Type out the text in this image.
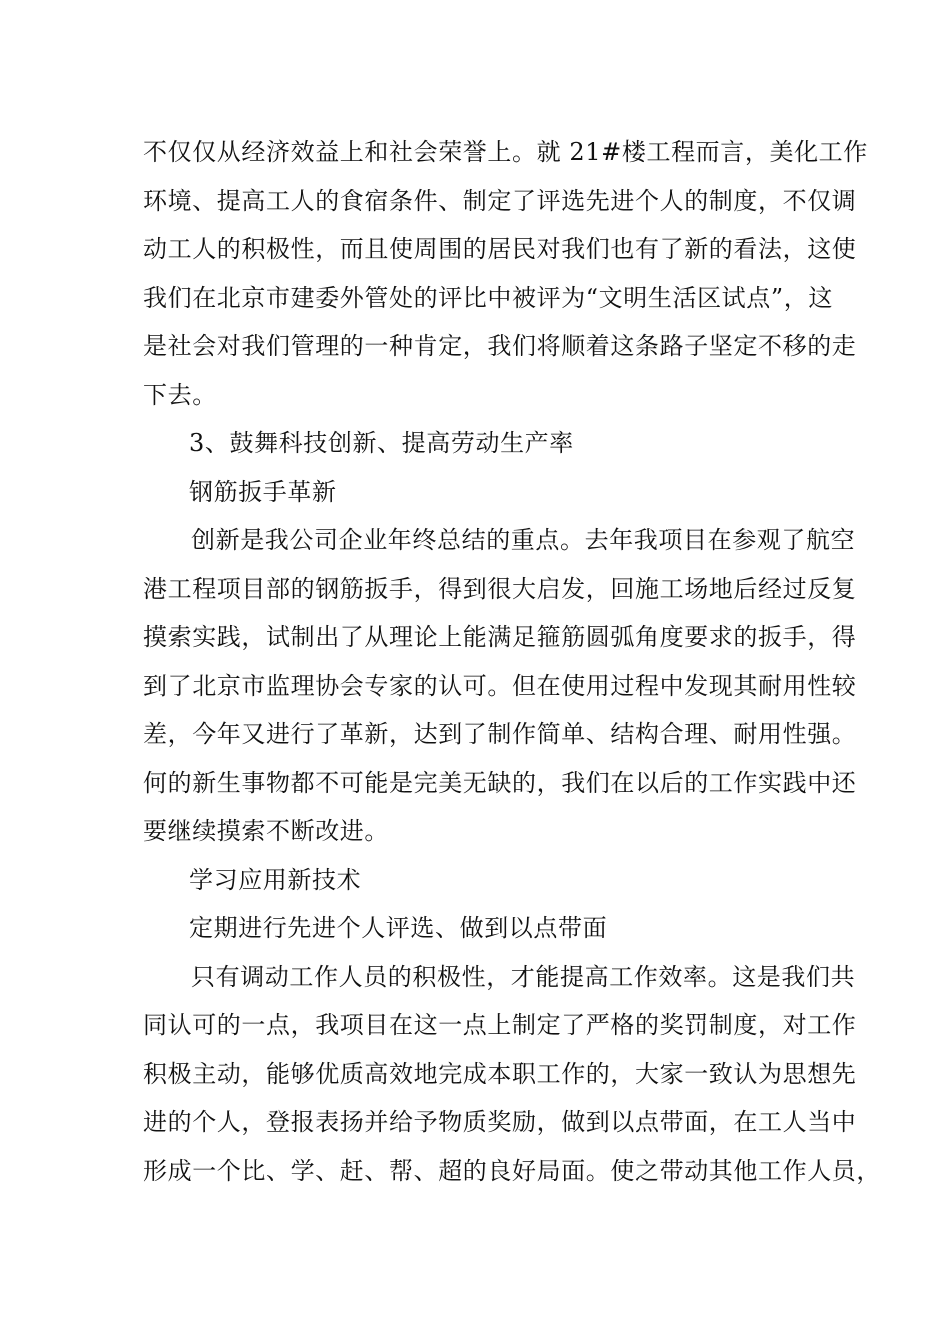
不仅仅从经济效益上和社会荣誉上。就 21#楼工程而言，美化工作
环境、提高工人的食宿条件、制定了评选先进个人的制度，不仅调
动工人的积极性，而且使周围的居民对我们也有了新的看法，这使
我们在北京市建委外管处的评比中被评为“文明生活区试点”，这
是社会对我们管理的一种肯定，我们将顺着这条路子坚定不移的走
下去。
3、鼓舞科技创新、提高劳动生产率
钢筋扳手革新
创新是我公司企业年终总结的重点。去年我项目在参观了航空
港工程项目部的钢筋扳手，得到很大启发，回施工场地后经过反复
摸索实践，试制出了从理论上能满足箍筋圆弧角度要求的扳手，得
到了北京市监理协会专家的认可。但在使用过程中发现其耐用性较
差，今年又进行了革新，达到了制作简单、结构合理、耐用性强。
何的新生事物都不可能是完美无缺的，我们在以后的工作实践中还
要继续摸索不断改进。
学习应用新技术
定期进行先进个人评选、做到以点带面
只有调动工作人员的积极性，才能提高工作效率。这是我们共
同认可的一点，我项目在这一点上制定了严格的奖罚制度，对工作
积极主动，能够优质高效地完成本职工作的，大家一致认为思想先
进的个人，登报表扬并给予物质奖励，做到以点带面，在工人当中
形成一个比、学、赶、帮、超的良好局面。使之带动其他工作人员，
